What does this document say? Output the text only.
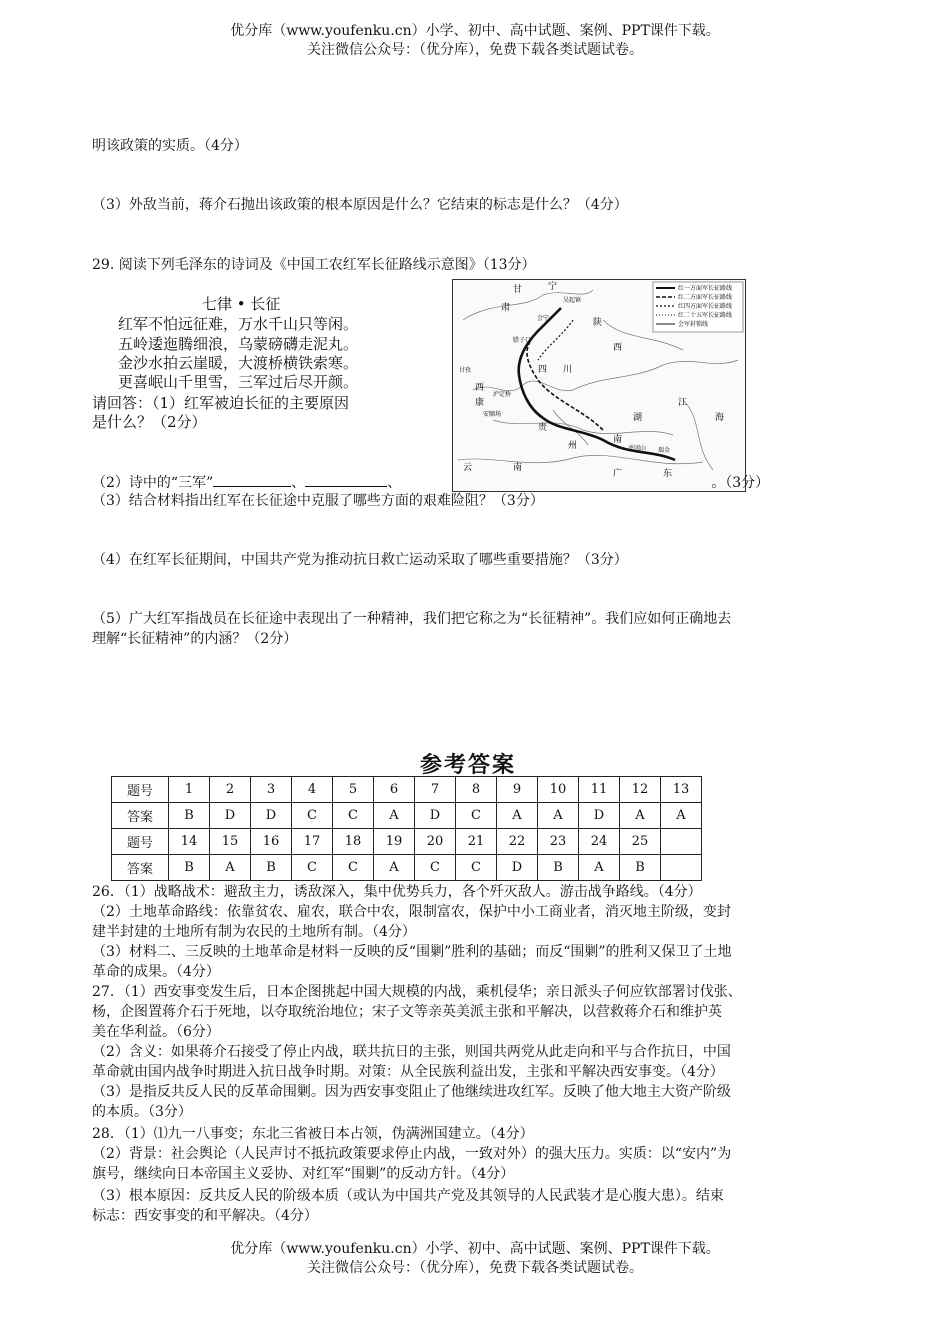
优分库（www.youfenku.cn）小学、初中、高中试题、案例、PPT课件下载。
关注微信公众号：（优分库），免费下载各类试题试卷。
明该政策的实质。（4分）
（3）外敌当前，蒋介石抛出该政策的根本原因是什么？它结束的标志是什么？（4分）
29. 阅读下列毛泽东的诗词及《中国工农红军长征路线示意图》（13分）
七律 • 长征
红军不怕远征难，万水千山只等闲。
五岭逶迤腾细浪，乌蒙磅礴走泥丸。
金沙水拍云崖暖，大渡桥横铁索寒。
更喜岷山千里雪，三军过后尽开颜。
请回答：（1）红军被迫长征的主要原因
是什么？（2分）
红一方面军长征路线
红二方面军长征路线
红四方面军长征路线
红二十五军长征路线
会军封锁线
甘	宁
肃
吴起镇
会宁	陕
腊子口
西
甘孜	四 川
西
康
泸定桥
安顺场
江
海
湖
南
贵
州	井冈山 瑞金
云	南
广	东
（2）诗中的“三军”	、	、	。（3分）
（3）结合材料指出红军在长征途中克服了哪些方面的艰难险阻？（3分）
（4）在红军长征期间，中国共产党为推动抗日救亡运动采取了哪些重要措施？（3分）
（5）广大红军指战员在长征途中表现出了一种精神，我们把它称之为“长征精神”。我们应如何正确地去
理解“长征精神”的内涵？（2分）
参考答案
题号	1	2	3	4	5	6	7	8	9	10	11	12	13
答案	B	D	D	C	C	A	D	C	A	A	D	A	A
题号	14	15	16	17	18	19	20	21	22	23	24	25	
答案	B	A	B	C	C	A	C	C	D	B	A	B	
26．（1）战略战术：避敌主力，诱敌深入，集中优势兵力，各个歼灭敌人。游击战争路线。（4分）
（2）土地革命路线：依靠贫农、雇农，联合中农，限制富农，保护中小工商业者，消灭地主阶级，变封
建半封建的土地所有制为农民的土地所有制。（4分）
（3）材料二、三反映的土地革命是材料一反映的反“围剿”胜利的基础；而反“围剿”的胜利又保卫了土地
革命的成果。（4分）
27．（1）西安事变发生后，日本企图挑起中国大规模的内战，乘机侵华；亲日派头子何应钦部署讨伐张、
杨，企图置蒋介石于死地，以夺取统治地位；宋子文等亲英美派主张和平解决，以营救蒋介石和维护英
美在华利益。（6分）
（2）含义：如果蒋介石接受了停止内战，联共抗日的主张，则国共两党从此走向和平与合作抗日，中国
革命就由国内战争时期进入抗日战争时期。对策：从全民族利益出发，主张和平解决西安事变。（4分）
（3）是指反共反人民的反革命围剿。因为西安事变阻止了他继续进攻红军。反映了他大地主大资产阶级
的本质。（3分）
28．（1）⑴九一八事变；东北三省被日本占领，伪满洲国建立。（4分）
（2）背景：社会舆论（人民声讨不抵抗政策要求停止内战，一致对外）的强大压力。实质：以“安内”为
旗号，继续向日本帝国主义妥协、对红军“围剿”的反动方针。（4分）
（3）根本原因：反共反人民的阶级本质（或认为中国共产党及其领导的人民武装才是心腹大患）。结束
标志：西安事变的和平解决。（4分）
优分库（www.youfenku.cn）小学、初中、高中试题、案例、PPT课件下载。
关注微信公众号：（优分库），免费下载各类试题试卷。
